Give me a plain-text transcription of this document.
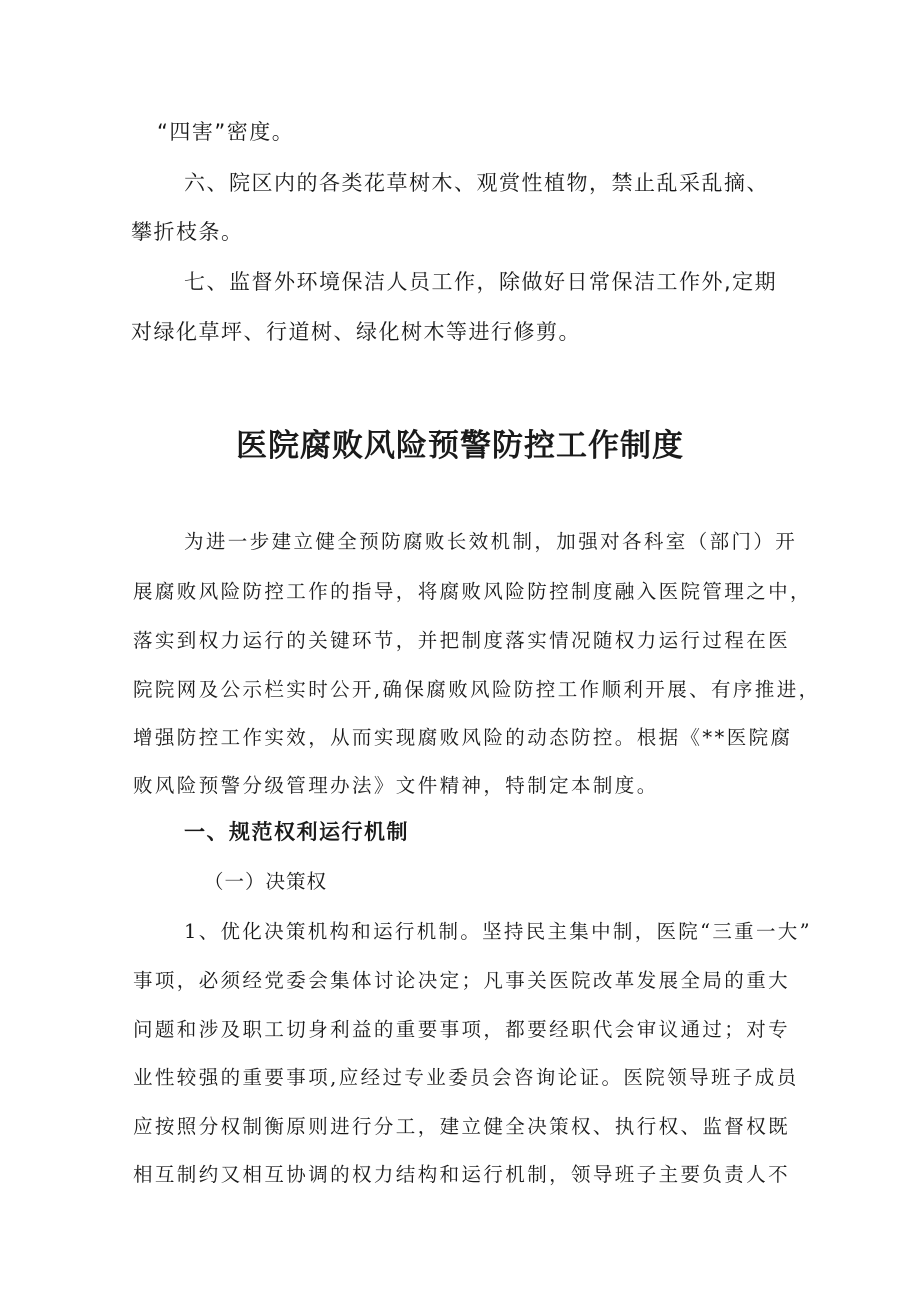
“四害”密度。

六、院区内的各类花草树木、观赏性植物，禁止乱采乱摘、

攀折枝条。

七、监督外环境保洁人员工作，除做好日常保洁工作外,定期

对绿化草坪、行道树、绿化树木等进行修剪。

医院腐败风险预警防控工作制度

为进一步建立健全预防腐败长效机制，加强对各科室（部门）开

展腐败风险防控工作的指导，将腐败风险防控制度融入医院管理之中，

落实到权力运行的关键环节，并把制度落实情况随权力运行过程在医

院院网及公示栏实时公开,确保腐败风险防控工作顺利开展、有序推进，

增强防控工作实效，从而实现腐败风险的动态防控。根据《**医院腐

败风险预警分级管理办法》文件精神，特制定本制度。

一、规范权利运行机制

（一）决策权

1、优化决策机构和运行机制。坚持民主集中制，医院“三重一大”

事项，必须经党委会集体讨论决定；凡事关医院改革发展全局的重大

问题和涉及职工切身利益的重要事项，都要经职代会审议通过；对专

业性较强的重要事项,应经过专业委员会咨询论证。医院领导班子成员

应按照分权制衡原则进行分工，建立健全决策权、执行权、监督权既

相互制约又相互协调的权力结构和运行机制，领导班子主要负责人不
